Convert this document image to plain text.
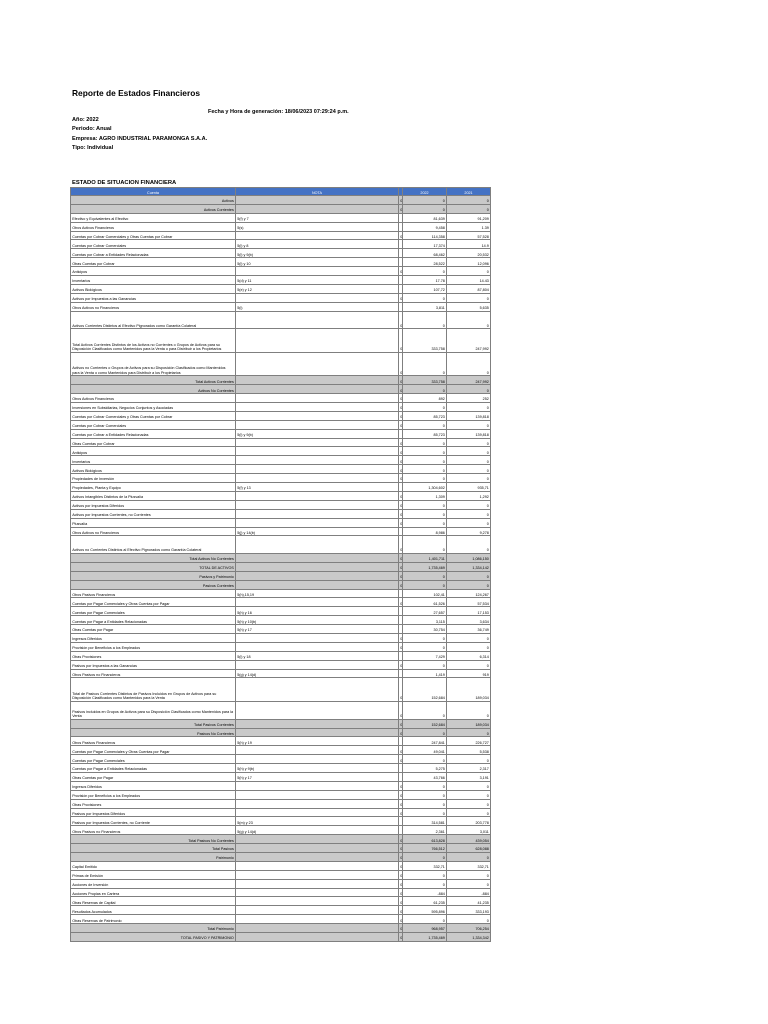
Reporte de Estados Financieros
Fecha y Hora de generación: 18/06/2023 07:29:24 p.m.
Año: 2022
Periodo: Anual
Empresa: AGRO INDUSTRIAL PARAMONGA S.A.A.
Tipo: Individual
ESTADO DE SITUACION FINANCIERA
Cuenta	NOTA		2022	2021
Activos		0	0	0
Activos Corrientes		0	0	0
Efectivo y Equivalentes al Efectivo	5(f) y 7		81,639	91,209
Otros Activos Financieros	5(s)		9,458	1.39
Cuentas por Cobrar Comerciales y Otras Cuentas por Cobrar		0	114,358	57,528
Cuentas por Cobrar Comerciales	5(l) y 8		17,374	14.9
Cuentas por Cobrar a Entidades Relacionadas	5(l) y 9(b)		68,462	20,532
Otras Cuentas por Cobrar	5(l) y 10		28,522	12,096
Anticipos		0	0	0
Inventarios	5(d) y 11		17.78	14.43
Activos Biológicos	5(e) y 12		107,72	87,804
Activos por Impuestos a las Ganancias		0	0	0
Otros Activos no Financieros	5(i)		3,811	5,635
Activos Corrientes Distintos al Efectivo Pignorados como Garantía Colateral		0	0	0
Total Activos Corrientes Distintos de los Activos no Corrientes o Grupos de Activos para su Disposición Clasificados como Mantenidos para la Venta o para Distribuir a los Propietarios		0	333,758	247,992
Activos no Corrientes o Grupos de Activos para su Disposición Clasificados como Mantenidos para la Venta o como Mantenidos para Distribuir a los Propietarios		0	0	0
Total Activos Corrientes		0	333,758	247,992
Activos No Corrientes		0	0	0
Otros Activos Financieros		0	892	252
Inversiones en Subsidiarias, Negocios Conjuntos y Asociadas		0	0	0
Cuentas por Cobrar Comerciales y Otras Cuentas por Cobrar		0	85,723	139,818
Cuentas por Cobrar Comerciales		0	0	0
Cuentas por Cobrar a Entidades Relacionadas	5(l) y 9(b)		85,723	139,818
Otras Cuentas por Cobrar		0	0	0
Anticipos		0	0	0
Inventarios		0	0	0
Activos Biológicos		0	0	0
Propiedades de Inversión		0	0	0
Propiedades, Planta y Equipo	5(f) y 13		1,304,602	935,71
Activos Intangibles Distintos de la Plusvalía		0	1,309	1,292
Activos por Impuestos Diferidos		0	0	0
Activos por Impuestos Corrientes, no Corrientes		0	0	0
Plusvalía		0	0	0
Otros Activos no Financieros	5(j) y 14(b)		8,986	9,278
Activos no Corrientes Distintos al Efectivo Pignorados como Garantía Colateral		0	0	0
Total Activos No Corrientes		0	1,401,711	1,086,150
TOTAL DE ACTIVOS		0	1,735,469	1,334,142
Pasivos y Patrimonio		0	0	0
Pasivos Corrientes		0	0	0
Otros Pasivos Financieros	5(h),15,19		102,41	124,267
Cuentas por Pagar Comerciales y Otras Cuentas por Pagar		0	61,526	57,534
Cuentas por Pagar Comerciales	5(h) y 16		27,657	17,153
Cuentas por Pagar a Entidades Relacionadas	5(h) y 10(b)		3,115	3,634
Otras Cuentas por Pagar	5(h) y 17		30,754	36,749
Ingresos Diferidos		0	0	0
Provisión por Beneficios a los Empleados		0	0	0
Otras Provisiones	5(l) y 18		7,429	6,314
Pasivos por Impuestos a las Ganancias		0	0	0
Otros Pasivos no Financieros	5(g) y 14(d)		1,419	919
Total de Pasivos Corrientes Distintos de Pasivos Incluidos en Grupos de Activos para su Disposición Clasificados como Mantenidos para la Venta		0	152,684	189,034
Pasivos incluidos en Grupos de Activos para su Disposición Clasificados como Mantenidos para la Venta		0	0	0
Total Pasivos Corrientes		0	152,684	189,034
Pasivos No Corrientes		0	0	0
Otros Pasivos Financieros	5(h) y 19		247,841	226,727
Cuentas por Pagar Comerciales y Otras Cuentas por Pagar		0	49,041	5,538
Cuentas por Pagar Comerciales		0	0	0
Cuentas por Pagar a Entidades Relacionadas	5(h) y 9(b)		5,275	2,317
Otras Cuentas por Pagar	5(h) y 17		43,766	3,191
Ingresos Diferidos		0	0	0
Provisión por Beneficios a los Empleados		0	0	0
Otras Provisiones		0	0	0
Pasivos por Impuestos Diferidos		0	0	0
Pasivos por Impuestos Corrientes, no Corriente	5(m) y 23		314,581	203,778
Otros Pasivos no Financieros	5(g) y 14(d)		2,361	3,011
Total Pasivos No Corrientes		0	613,828	439,054
Total Pasivos		0	766,512	628,088
Patrimonio		0	0	0
Capital Emitido		0	332,71	332,71
Primas de Emisión		0	0	0
Acciones de Inversión		0	0	0
Acciones Propias en Cartera		0	-884	-884
Otras Reservas de Capital		0	61,235	41,235
Resultados Acumulados		0	595,896	333,193
Otras Reservas de Patrimonio		0	0	0
Total Patrimonio		0	968,957	706,254
TOTAL PASIVO Y PATRIMONIO		0	1,735,469	1,334,342
